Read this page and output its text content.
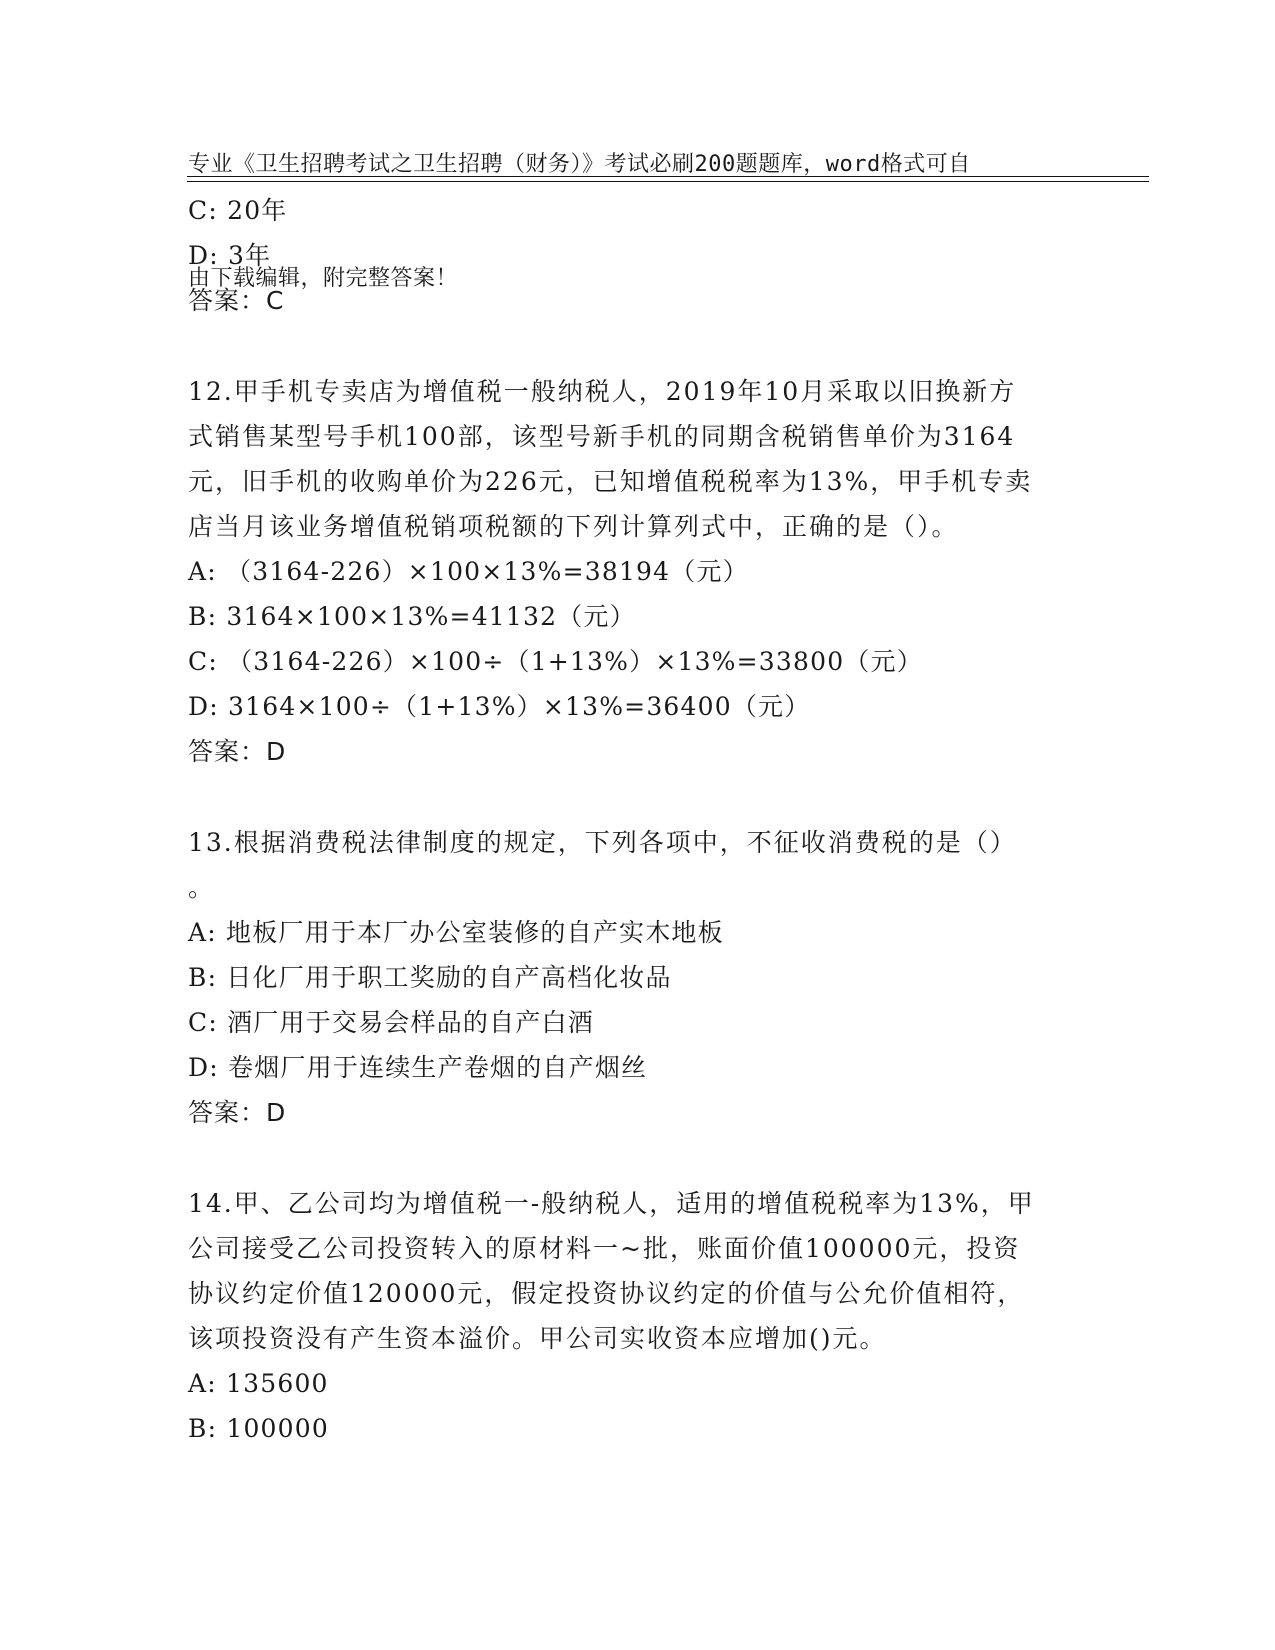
专业《卫生招聘考试之卫生招聘（财务）》考试必刷200题题库，word格式可自

由下载编辑，附完整答案！

C: 20年
D: 3年
答案：C
12.甲手机专卖店为增值税一般纳税人，2019年10月采取以旧换新方
式销售某型号手机100部，该型号新手机的同期含税销售单价为3164
元，旧手机的收购单价为226元，已知增值税税率为13%，甲手机专卖
店当月该业务增值税销项税额的下列计算列式中，正确的是（）。
A: （3164-226）×100×13%=38194（元）
B: 3164×100×13%=41132（元）
C: （3164-226）×100÷（1+13%）×13%=33800（元）
D: 3164×100÷（1+13%）×13%=36400（元）
答案：D
13.根据消费税法律制度的规定，下列各项中，不征收消费税的是（）
。
A: 地板厂用于本厂办公室装修的自产实木地板
B: 日化厂用于职工奖励的自产高档化妆品
C: 酒厂用于交易会样品的自产白酒
D: 卷烟厂用于连续生产卷烟的自产烟丝
答案：D
14.甲、乙公司均为增值税一-般纳税人，适用的增值税税率为13%，甲
公司接受乙公司投资转入的原材料一~批，账面价值100000元，投资
协议约定价值120000元，假定投资协议约定的价值与公允价值相符，
该项投资没有产生资本溢价。甲公司实收资本应增加()元。
A: 135600
B: 100000
